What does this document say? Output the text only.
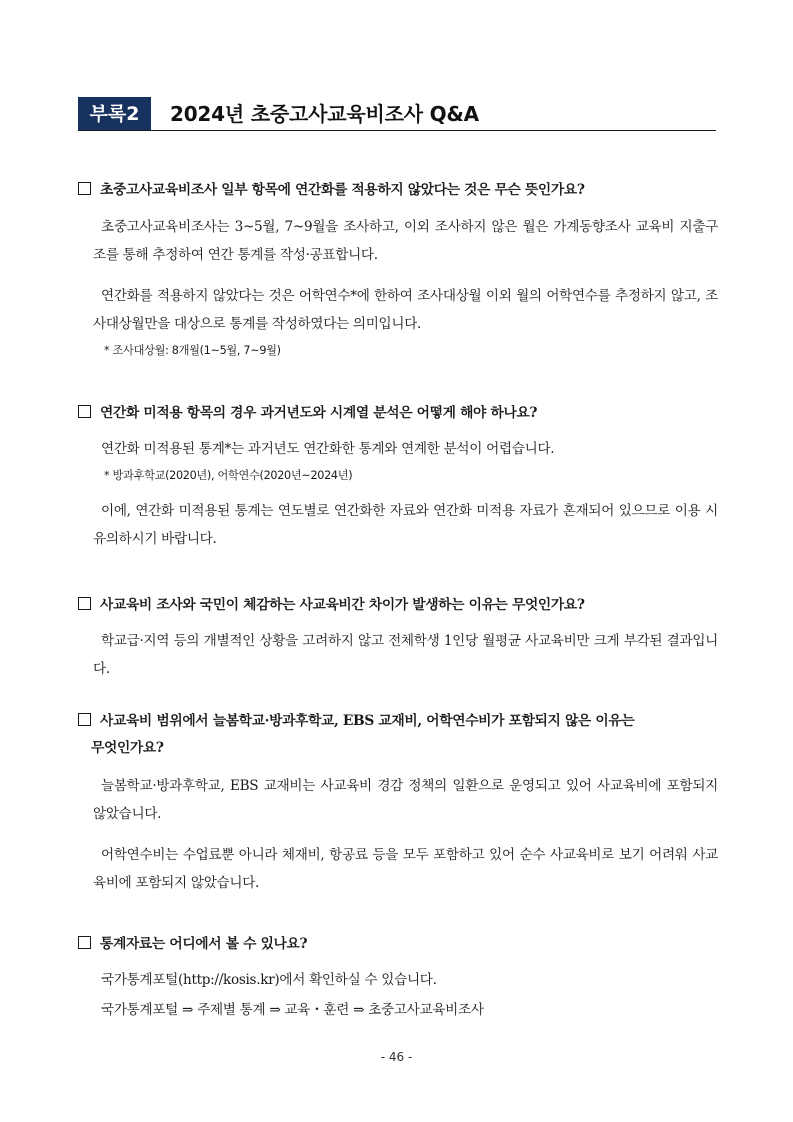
부록2	2024년 초중고사교육비조사 Q&A
초중고사교육비조사 일부 항목에 연간화를 적용하지 않았다는 것은 무슨 뜻인가요?
초중고사교육비조사는 3~5월, 7~9월을 조사하고, 이외 조사하지 않은 월은 가계동향조사 교육비 지출구조를 통해 추정하여 연간 통계를 작성·공표합니다.
연간화를 적용하지 않았다는 것은 어학연수*에 한하여 조사대상월 이외 월의 어학연수를 추정하지 않고, 조사대상월만을 대상으로 통계를 작성하였다는 의미입니다.
* 조사대상월: 8개월(1~5월, 7~9월)
연간화 미적용 항목의 경우 과거년도와 시계열 분석은 어떻게 해야 하나요?
연간화 미적용된 통계*는 과거년도 연간화한 통계와 연계한 분석이 어렵습니다.
* 방과후학교(2020년), 어학연수(2020년~2024년)
이에, 연간화 미적용된 통계는 연도별로 연간화한 자료와 연간화 미적용 자료가 혼재되어 있으므로 이용 시 유의하시기 바랍니다.
사교육비 조사와 국민이 체감하는 사교육비간 차이가 발생하는 이유는 무엇인가요?
학교급·지역 등의 개별적인 상황을 고려하지 않고 전체학생 1인당 월평균 사교육비만 크게 부각된 결과입니다.
사교육비 범위에서 늘봄학교·방과후학교, EBS 교재비, 어학연수비가 포함되지 않은 이유는
무엇인가요?
늘봄학교·방과후학교, EBS 교재비는 사교육비 경감 정책의 일환으로 운영되고 있어 사교육비에 포함되지 않았습니다.
어학연수비는 수업료뿐 아니라 체재비, 항공료 등을 모두 포함하고 있어 순수 사교육비로 보기 어려워 사교육비에 포함되지 않았습니다.
통계자료는 어디에서 볼 수 있나요?
국가통계포털(http://kosis.kr)에서 확인하실 수 있습니다.
국가통계포털 ⇒ 주제별 통계 ⇒ 교육・훈련 ⇒ 초중고사교육비조사
- 46 -
